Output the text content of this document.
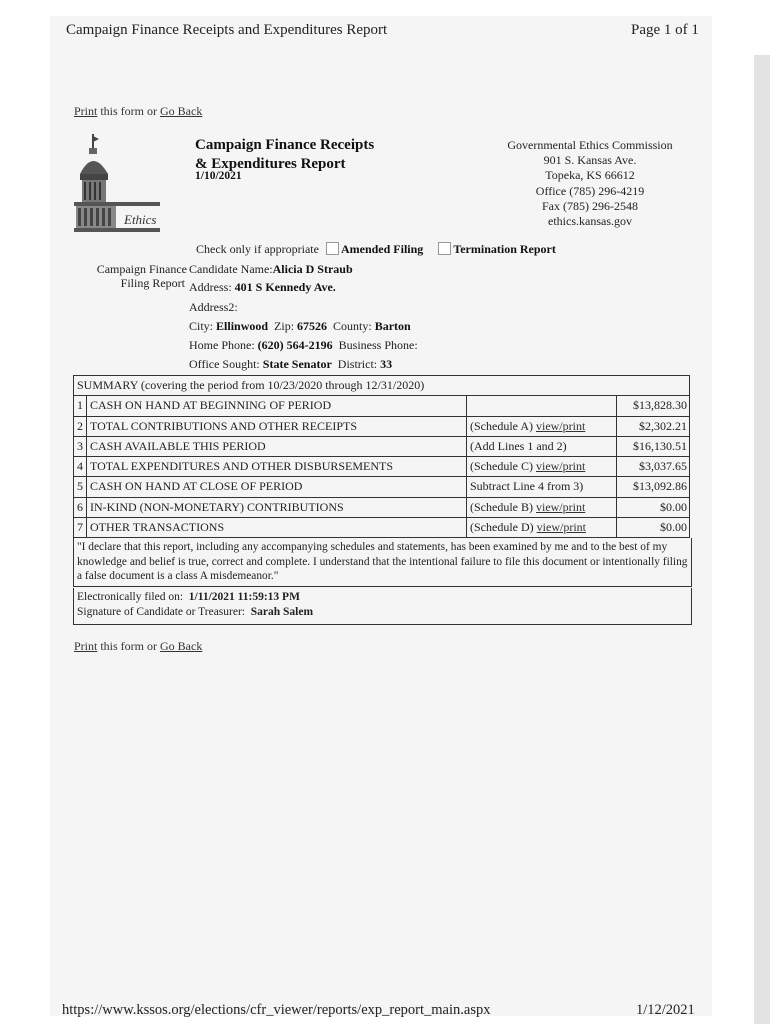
Campaign Finance Receipts and Expenditures Report	Page 1 of 1
Print this form or Go Back
Ethics
Campaign Finance Receipts
& Expenditures Report
1/10/2021
Governmental Ethics Commission
901 S. Kansas Ave.
Topeka, KS 66612
Office (785) 296-4219
Fax (785) 296-2548
ethics.kansas.gov
Check only if appropriate Amended Filing	Termination Report
Campaign Finance
Filing Report
Candidate Name:Alicia D Straub
Address: 401 S Kennedy Ave.
Address2:
City: Ellinwood Zip: 67526 County: Barton
Home Phone: (620) 564-2196 Business Phone:
Office Sought: State Senator District: 33
SUMMARY (covering the period from 10/23/2020 through 12/31/2020)			
1	CASH ON HAND AT BEGINNING OF PERIOD		$13,828.30
2	TOTAL CONTRIBUTIONS AND OTHER RECEIPTS	(Schedule A) view/print	$2,302.21
3	CASH AVAILABLE THIS PERIOD	(Add Lines 1 and 2)	$16,130.51
4	TOTAL EXPENDITURES AND OTHER DISBURSEMENTS	(Schedule C) view/print	$3,037.65
5	CASH ON HAND AT CLOSE OF PERIOD	Subtract Line 4 from 3)	$13,092.86
6	IN-KIND (NON-MONETARY) CONTRIBUTIONS	(Schedule B) view/print	$0.00
7	OTHER TRANSACTIONS	(Schedule D) view/print	$0.00
"I declare that this report, including any accompanying schedules and statements, has been examined by me and to the best of my knowledge and belief is true, correct and complete. I understand that the intentional failure to file this document or intentionally filing a false document is a class A misdemeanor."
Electronically filed on: 1/11/2021 11:59:13 PM
Signature of Candidate or Treasurer: Sarah Salem
Print this form or Go Back
https://www.kssos.org/elections/cfr_viewer/reports/exp_report_main.aspx	1/12/2021
